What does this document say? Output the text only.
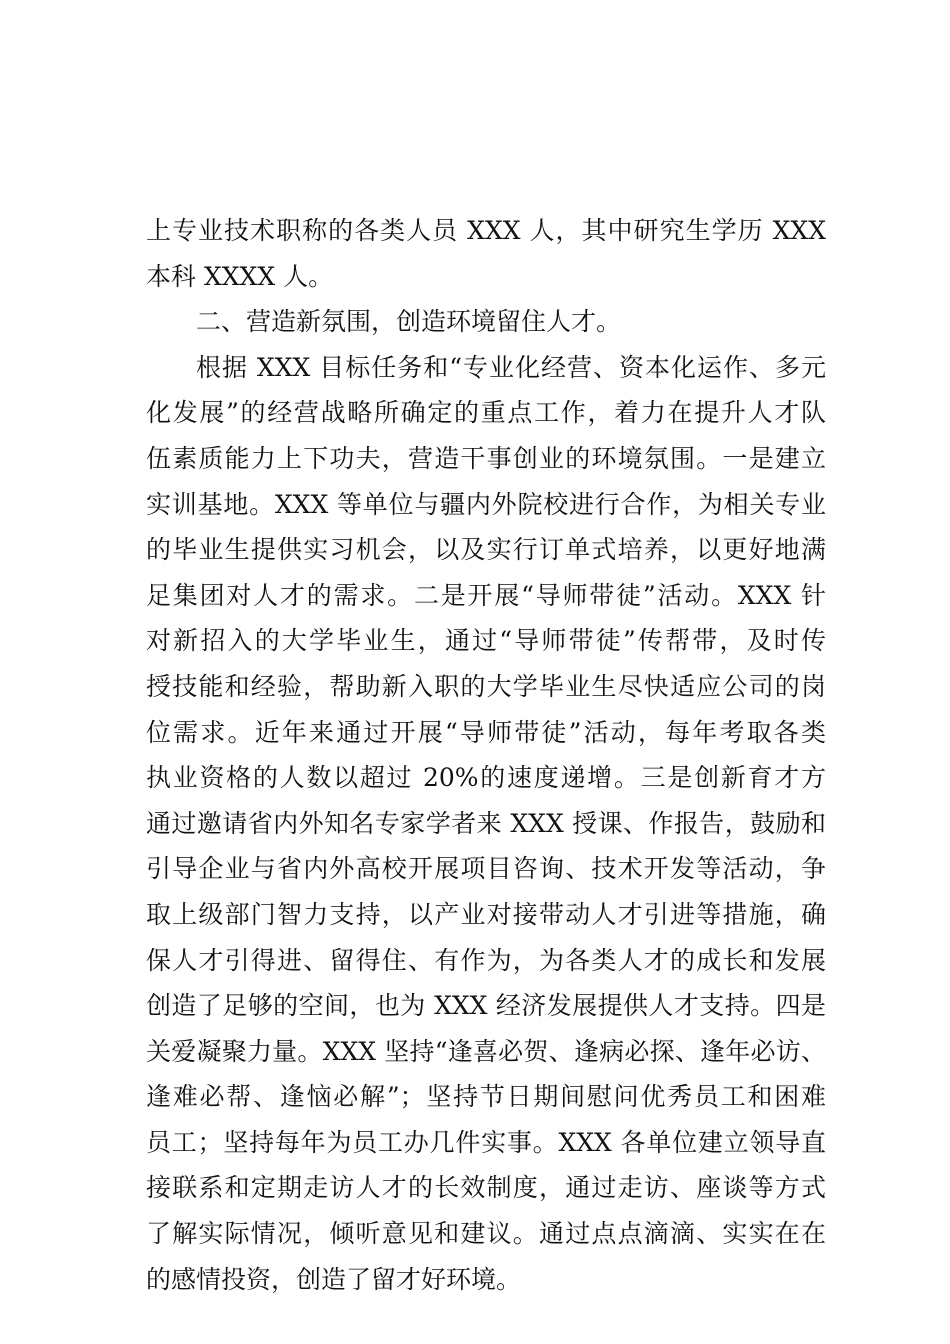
上专业技术职称的各类人员 XXX 人，其中研究生学历 XXX
本科 XXXX 人。
二、营造新氛围，创造环境留住人才。
根据 XXX 目标任务和“专业化经营、资本化运作、多元
化发展”的经营战略所确定的重点工作，着力在提升人才队
伍素质能力上下功夫，营造干事创业的环境氛围。一是建立
实训基地。XXX 等单位与疆内外院校进行合作，为相关专业
的毕业生提供实习机会，以及实行订单式培养，以更好地满
足集团对人才的需求。二是开展“导师带徒”活动。XXX 针
对新招入的大学毕业生，通过“导师带徒”传帮带，及时传
授技能和经验，帮助新入职的大学毕业生尽快适应公司的岗
位需求。近年来通过开展“导师带徒”活动，每年考取各类
执业资格的人数以超过 20%的速度递增。三是创新育才方
通过邀请省内外知名专家学者来 XXX 授课、作报告，鼓励和
引导企业与省内外高校开展项目咨询、技术开发等活动，争
取上级部门智力支持，以产业对接带动人才引进等措施，确
保人才引得进、留得住、有作为，为各类人才的成长和发展
创造了足够的空间，也为 XXX 经济发展提供人才支持。四是
关爱凝聚力量。XXX 坚持“逢喜必贺、逢病必探、逢年必访、
逢难必帮、逢恼必解”；坚持节日期间慰问优秀员工和困难
员工；坚持每年为员工办几件实事。XXX 各单位建立领导直
接联系和定期走访人才的长效制度，通过走访、座谈等方式
了解实际情况，倾听意见和建议。通过点点滴滴、实实在在
的感情投资，创造了留才好环境。
